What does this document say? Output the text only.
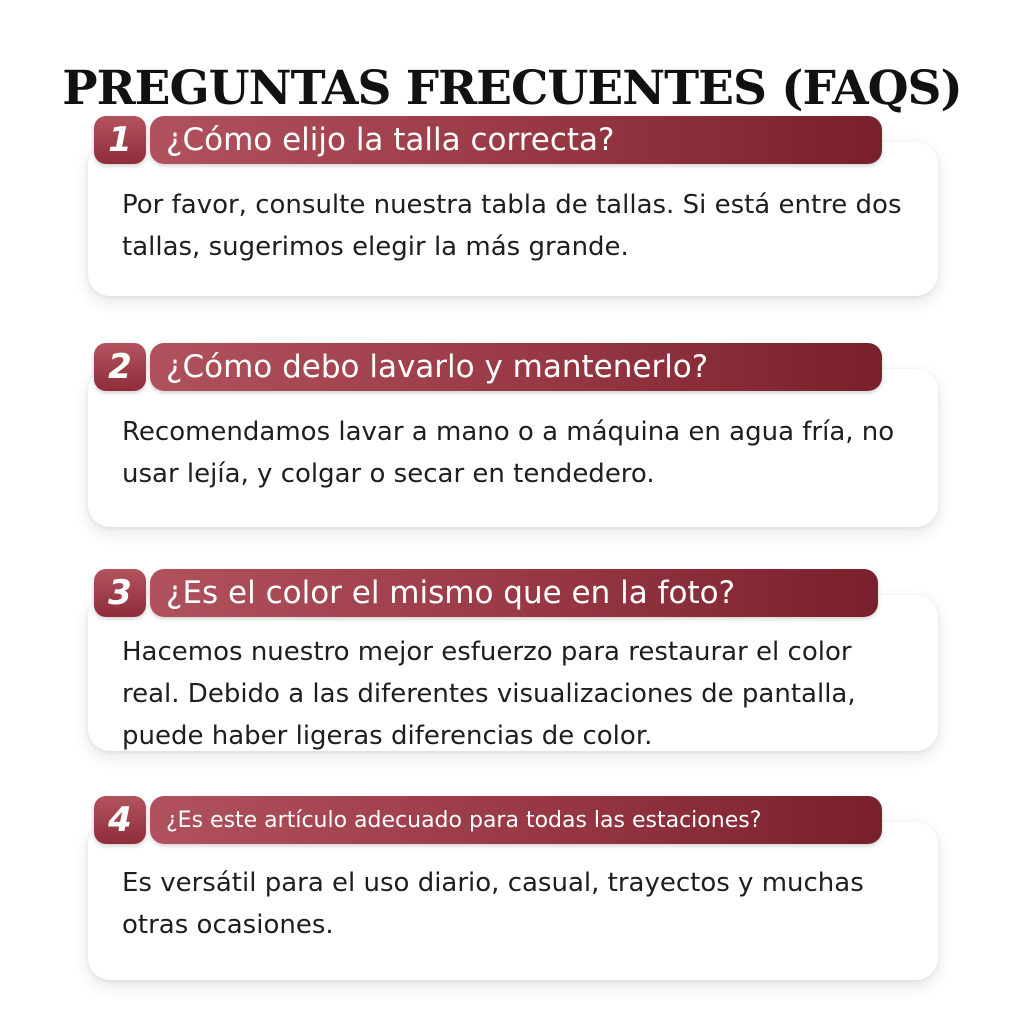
PREGUNTAS FRECUENTES (FAQS)

Por favor, consulte nuestra tabla de tallas. Si está entre dos tallas, sugerimos elegir la más grande.

1	¿Cómo elijo la talla correcta?

Recomendamos lavar a mano o a máquina en agua fría, no usar lejía, y colgar o secar en tendedero.

2	¿Cómo debo lavarlo y mantenerlo?

Hacemos nuestro mejor esfuerzo para restaurar el color real. Debido a las diferentes visualizaciones de pantalla, puede haber ligeras diferencias de color.

3	¿Es el color el mismo que en la foto?

Es versátil para el uso diario, casual, trayectos y muchas otras ocasiones.

4	¿Es este artículo adecuado para todas las estaciones?
